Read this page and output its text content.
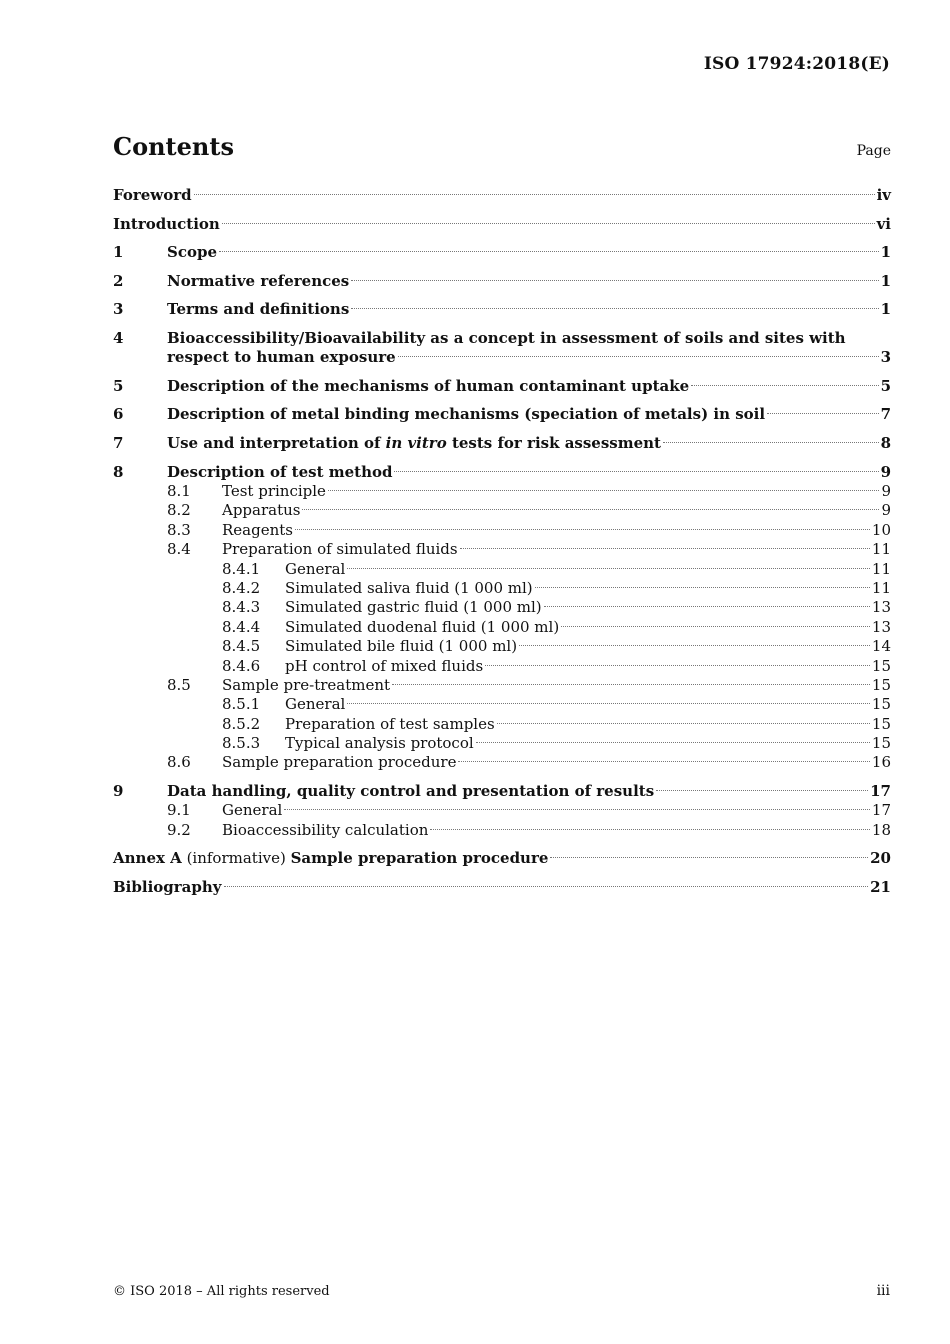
ISO 17924:2018(E)
Contents	Page
Foreword	iv
Introduction	vi
1	Scope	1
2	Normative references	1
3	Terms and definitions	1
4	Bioaccessibility/Bioavailability as a concept in assessment of soils and sites with
respect to human exposure	3
5	Description of the mechanisms of human contaminant uptake	5
6	Description of metal binding mechanisms (speciation of metals) in soil	7
7	Use and interpretation of in vitro tests for risk assessment	8
8	Description of test method	9
8.1 Test principle	9
8.2 Apparatus	9
8.3 Reagents	10
8.4 Preparation of simulated fluids	11
8.4.1 General	11
8.4.2 Simulated saliva fluid (1 000 ml)	11
8.4.3 Simulated gastric fluid (1 000 ml)	13
8.4.4 Simulated duodenal fluid (1 000 ml)	13
8.4.5 Simulated bile fluid (1 000 ml)	14
8.4.6 pH control of mixed fluids	15
8.5 Sample pre-treatment	15
8.5.1 General	15
8.5.2 Preparation of test samples	15
8.5.3 Typical analysis protocol	15
8.6 Sample preparation procedure	16
9	Data handling, quality control and presentation of results	17
9.1 General	17
9.2 Bioaccessibility calculation	18
Annex A (informative) Sample preparation procedure	20
Bibliography	21
© ISO 2018 – All rights reserved	iii
